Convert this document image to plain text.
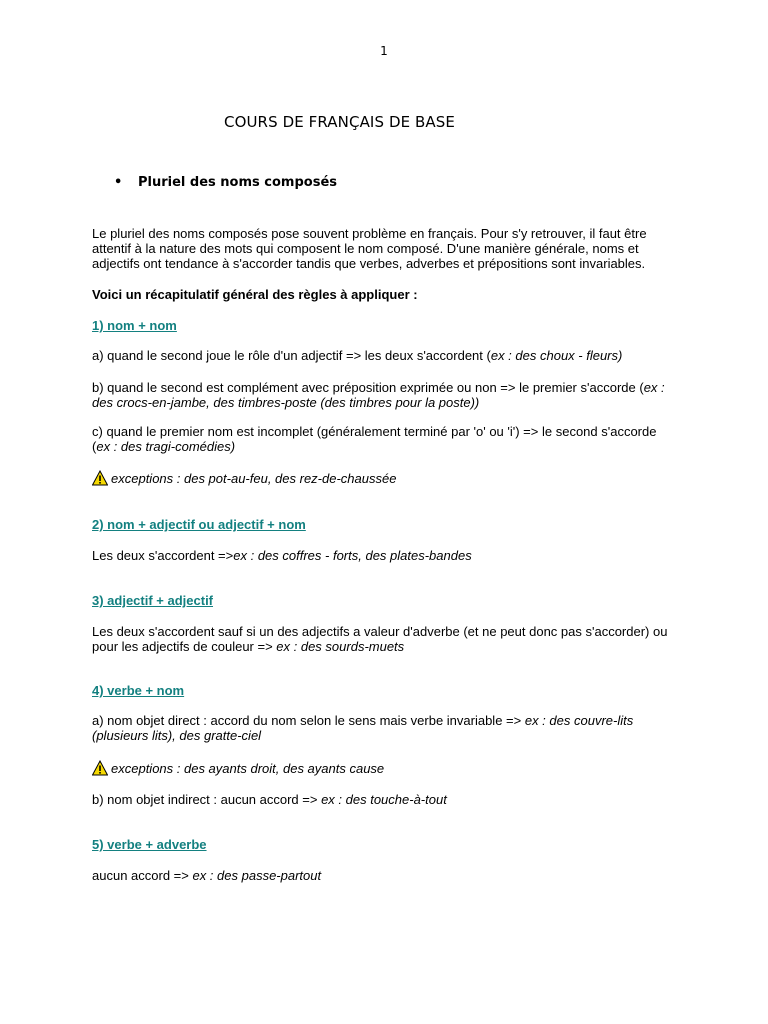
1
COURS DE FRANÇAIS DE BASE
• Pluriel des noms composés
Le pluriel des noms composés pose souvent problème en français. Pour s'y retrouver, il faut être
attentif à la nature des mots qui composent le nom composé. D'une manière générale, noms et
adjectifs ont tendance à s'accorder tandis que verbes, adverbes et prépositions sont invariables.
Voici un récapitulatif général des règles à appliquer :
1) nom + nom
a) quand le second joue le rôle d'un adjectif => les deux s'accordent (ex : des choux - fleurs)
b) quand le second est complément avec préposition exprimée ou non => le premier s'accorde (ex :
des crocs-en-jambe, des timbres-poste (des timbres pour la poste))
c) quand le premier nom est incomplet (généralement terminé par 'o' ou 'i') => le second s'accorde
(ex : des tragi-comédies)
exceptions : des pot-au-feu, des rez-de-chaussée
2) nom + adjectif ou adjectif + nom
Les deux s'accordent =>ex : des coffres - forts, des plates-bandes
3) adjectif + adjectif
Les deux s'accordent sauf si un des adjectifs a valeur d'adverbe (et ne peut donc pas s'accorder) ou
pour les adjectifs de couleur => ex : des sourds-muets
4) verbe + nom
a) nom objet direct : accord du nom selon le sens mais verbe invariable => ex : des couvre-lits
(plusieurs lits), des gratte-ciel
exceptions : des ayants droit, des ayants cause
b) nom objet indirect : aucun accord => ex : des touche-à-tout
5) verbe + adverbe
aucun accord => ex : des passe-partout
